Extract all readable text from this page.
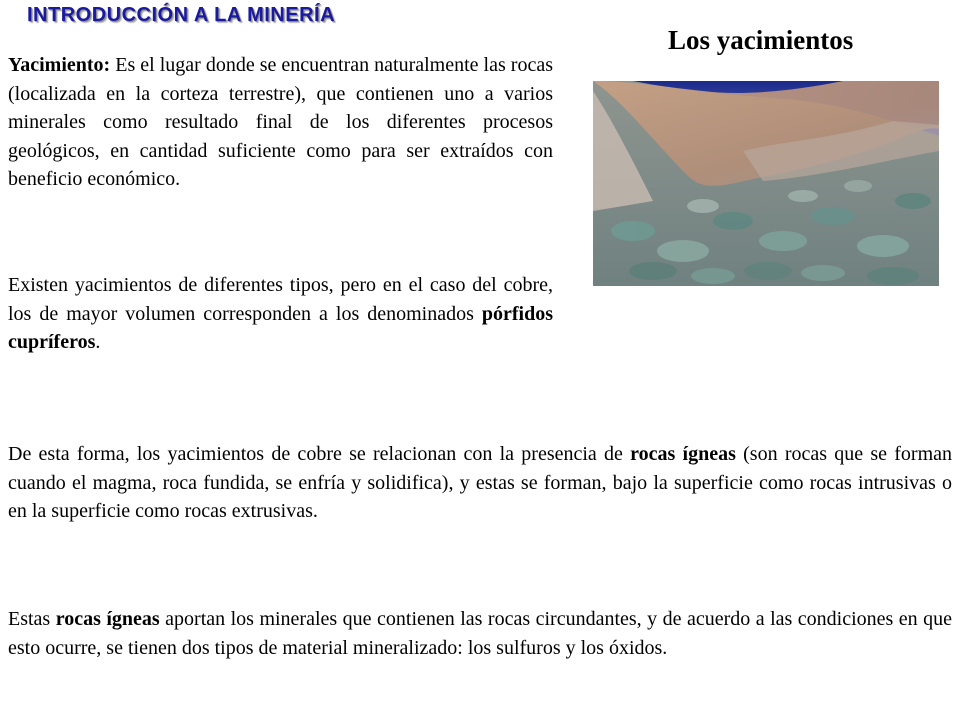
INTRODUCCIÓN A LA MINERÍA
Los yacimientos

Yacimiento: Es el lugar donde se encuentran naturalmente las rocas (localizada en la corteza terrestre), que contienen uno a varios minerales como resultado final de los diferentes procesos geológicos, en cantidad suficiente como para ser extraídos con beneficio económico.

Existen yacimientos de diferentes tipos, pero en el caso del cobre, los de mayor volumen corresponden a los denominados pórfidos cupríferos.

De esta forma, los yacimientos de cobre se relacionan con la presencia de rocas ígneas (son rocas que se forman cuando el magma, roca fundida, se enfría y solidifica), y estas se forman, bajo la superficie como rocas intrusivas o en la superficie como rocas extrusivas.

Estas rocas ígneas aportan los minerales que contienen las rocas circundantes, y de acuerdo a las condiciones en que esto ocurre, se tienen dos tipos de material mineralizado: los sulfuros y los óxidos.
